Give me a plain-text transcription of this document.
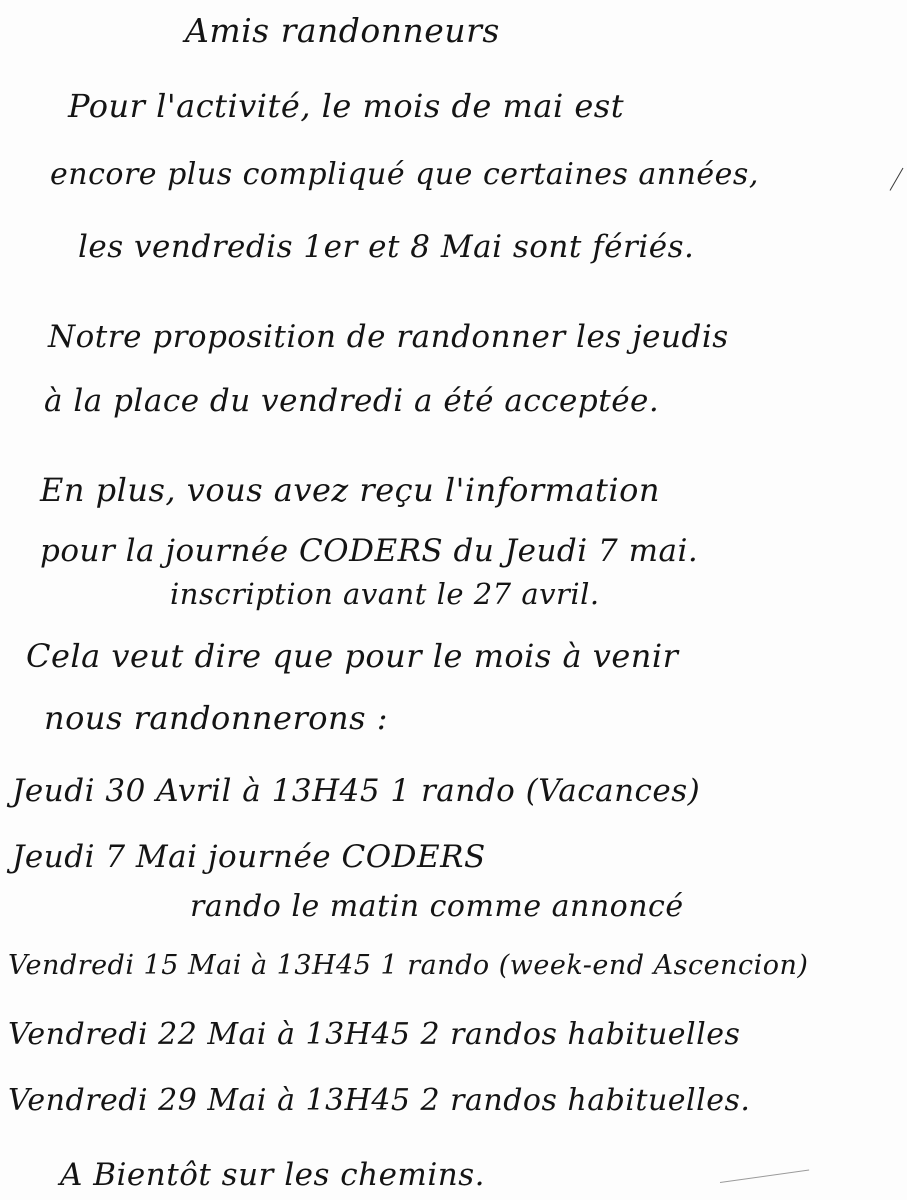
Amis randonneurs
Pour l'activité, le mois de mai est
encore plus compliqué que certaines années,
les vendredis 1er et 8 Mai sont fériés.
Notre proposition de randonner les jeudis
à la place du vendredi a été acceptée.
En plus, vous avez reçu l'information
pour la journée CODERS du Jeudi 7 mai.
inscription avant le 27 avril.
Cela veut dire que pour le mois à venir
nous randonnerons :
Jeudi 30 Avril à 13H45 1 rando (Vacances)
Jeudi 7 Mai journée CODERS
rando le matin comme annoncé
Vendredi 15 Mai à 13H45 1 rando (week-end Ascencion)
Vendredi 22 Mai à 13H45 2 randos habituelles
Vendredi 29 Mai à 13H45 2 randos habituelles.
A Bientôt sur les chemins.
